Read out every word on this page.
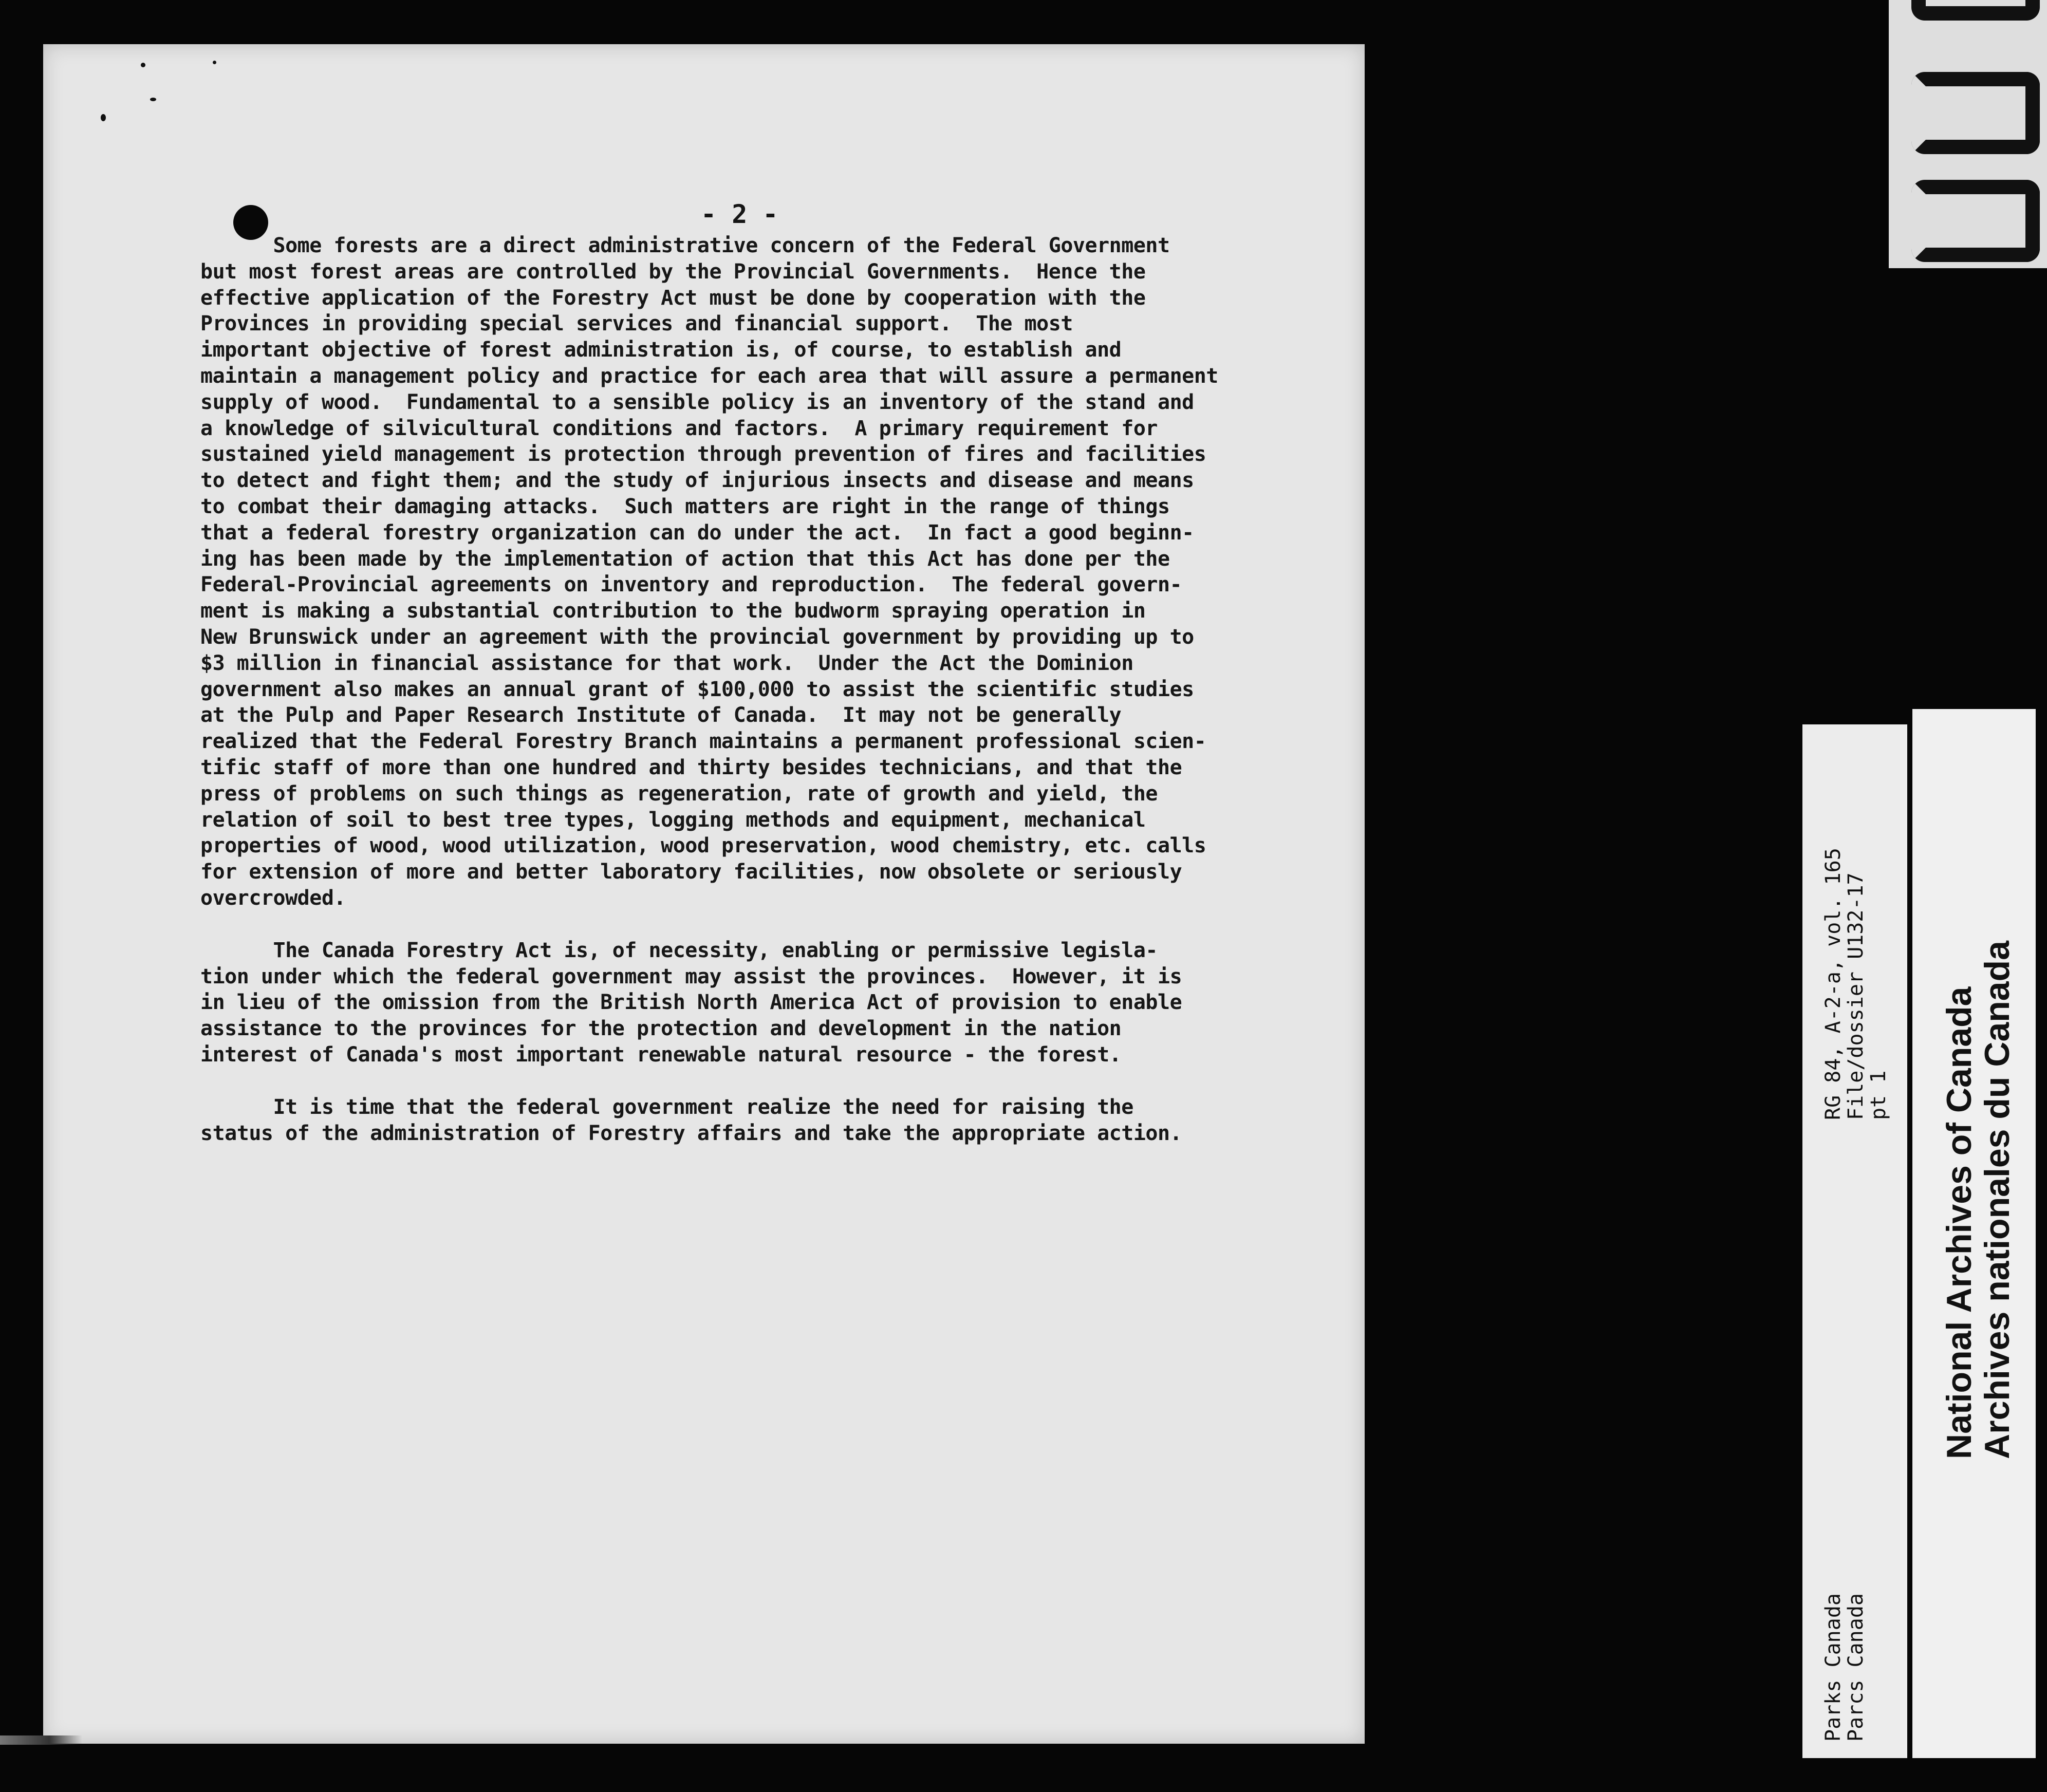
- 2 -
Some forests are a direct administrative concern of the Federal Government
but most forest areas are controlled by the Provincial Governments.  Hence the
effective application of the Forestry Act must be done by cooperation with the
Provinces in providing special services and financial support.  The most
important objective of forest administration is, of course, to establish and
maintain a management policy and practice for each area that will assure a permanent
supply of wood.  Fundamental to a sensible policy is an inventory of the stand and
a knowledge of silvicultural conditions and factors.  A primary requirement for
sustained yield management is protection through prevention of fires and facilities
to detect and fight them; and the study of injurious insects and disease and means
to combat their damaging attacks.  Such matters are right in the range of things
that a federal forestry organization can do under the act.  In fact a good beginn-
ing has been made by the implementation of action that this Act has done per the
Federal-Provincial agreements on inventory and reproduction.  The federal govern-
ment is making a substantial contribution to the budworm spraying operation in
New Brunswick under an agreement with the provincial government by providing up to
$3 million in financial assistance for that work.  Under the Act the Dominion
government also makes an annual grant of $100,000 to assist the scientific studies
at the Pulp and Paper Research Institute of Canada.  It may not be generally
realized that the Federal Forestry Branch maintains a permanent professional scien-
tific staff of more than one hundred and thirty besides technicians, and that the
press of problems on such things as regeneration, rate of growth and yield, the
relation of soil to best tree types, logging methods and equipment, mechanical
properties of wood, wood utilization, wood preservation, wood chemistry, etc. calls
for extension of more and better laboratory facilities, now obsolete or seriously
overcrowded.
The Canada Forestry Act is, of necessity, enabling or permissive legisla-
tion under which the federal government may assist the provinces.  However, it is
in lieu of the omission from the British North America Act of provision to enable
assistance to the provinces for the protection and development in the nation
interest of Canada's most important renewable natural resource - the forest.
It is time that the federal government realize the need for raising the
status of the administration of Forestry affairs and take the appropriate action.
RG 84, A-2-a, vol. 165
File/dossier U132-17
pt 1
Parks Canada
Parcs Canada
National Archives of Canada
Archives nationales du Canada
